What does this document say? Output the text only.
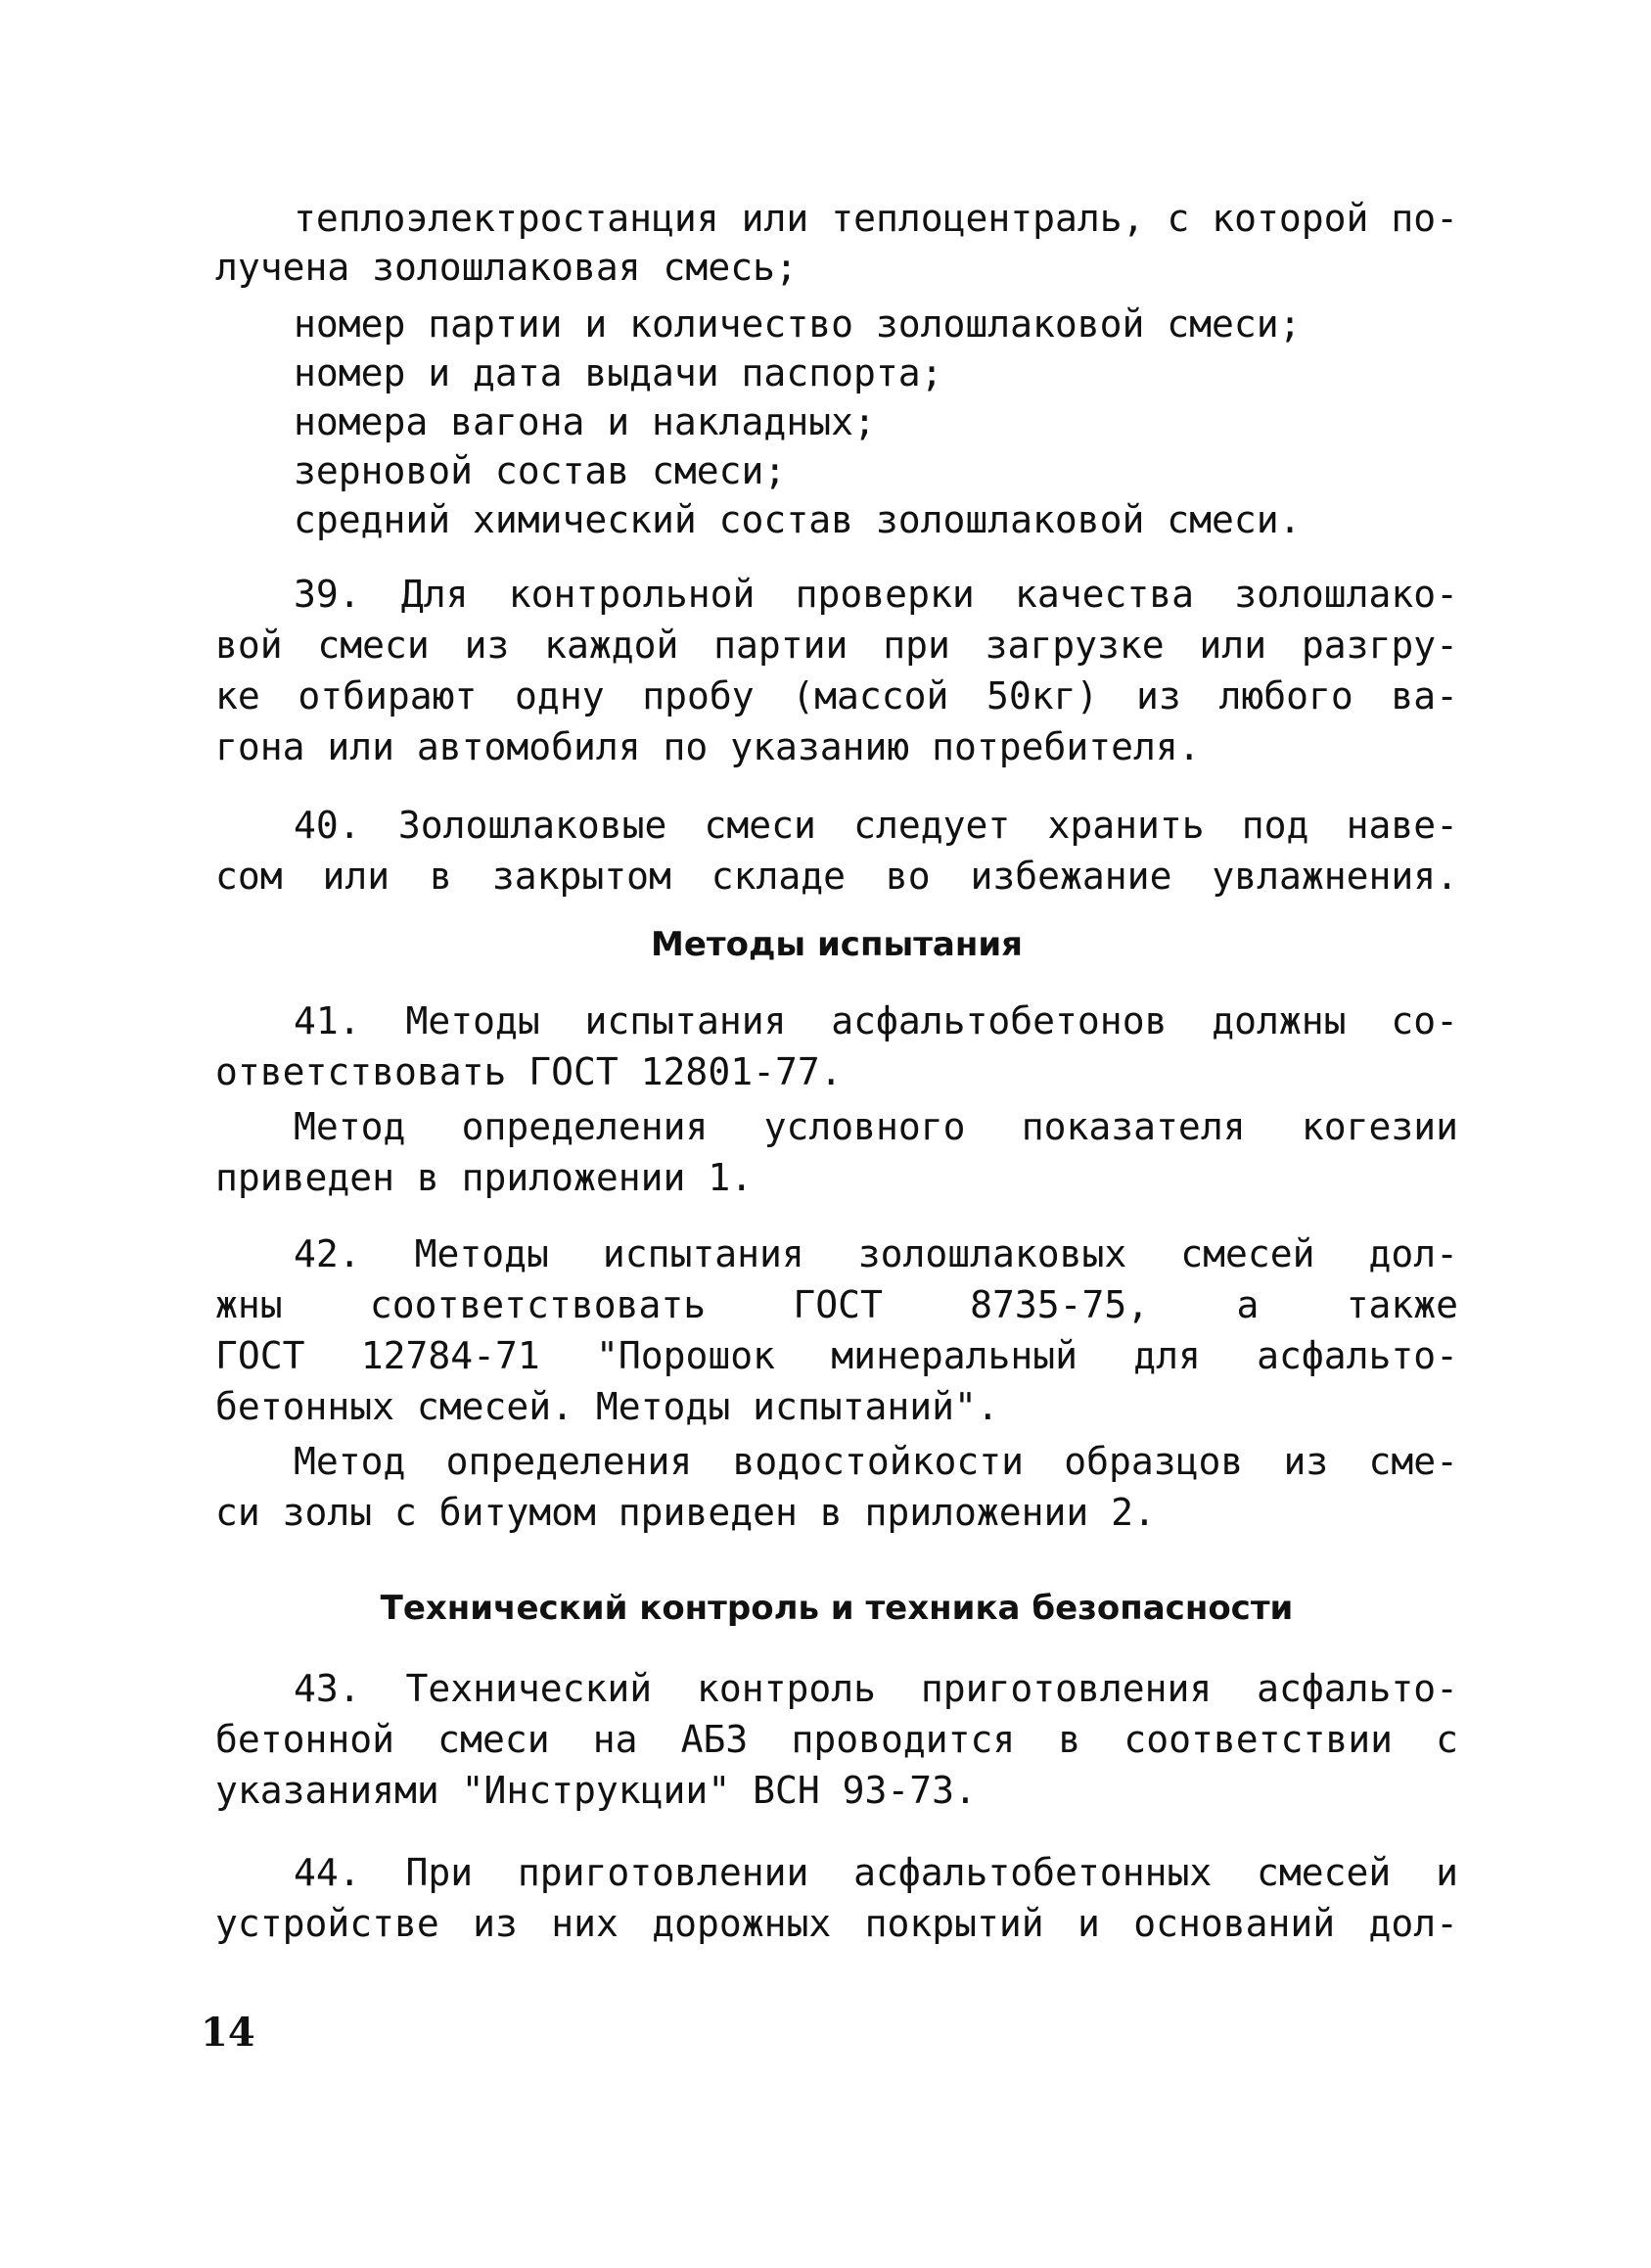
теплоэлектростанция или теплоцентраль, с которой по-
лучена золошлаковая смесь;
номер партии и количество золошлаковой смеси;
номер и дата выдачи паспорта;
номера вагона и накладных;
зерновой состав смеси;
средний химический состав золошлаковой смеси.
39. Для контрольной проверки качества золошлако-
вой смеси из каждой партии при загрузке или разгру-
ке отбирают одну пробу (массой 50кг) из любого ва-
гона или автомобиля по указанию потребителя.
40. Золошлаковые смеси следует хранить под наве-
сом или в закрытом складе во избежание увлажнения.
Методы испытания
41. Методы испытания асфальтобетонов должны со-
ответствовать ГОСТ 12801-77.
Метод определения условного показателя когезии
приведен в приложении 1.
42. Методы испытания золошлаковых смесей дол-
жны соответствовать ГОСТ 8735-75, а также
ГОСТ 12784-71 "Порошок минеральный для асфальто-
бетонных смесей. Методы испытаний".
Метод определения водостойкости образцов из сме-
си золы с битумом приведен в приложении 2.
Технический контроль и техника безопасности
43. Технический контроль приготовления асфальто-
бетонной смеси на АБЗ проводится в соответствии с
указаниями "Инструкции" ВСН 93-73.
44. При приготовлении асфальтобетонных смесей и
устройстве из них дорожных покрытий и оснований дол-
14
